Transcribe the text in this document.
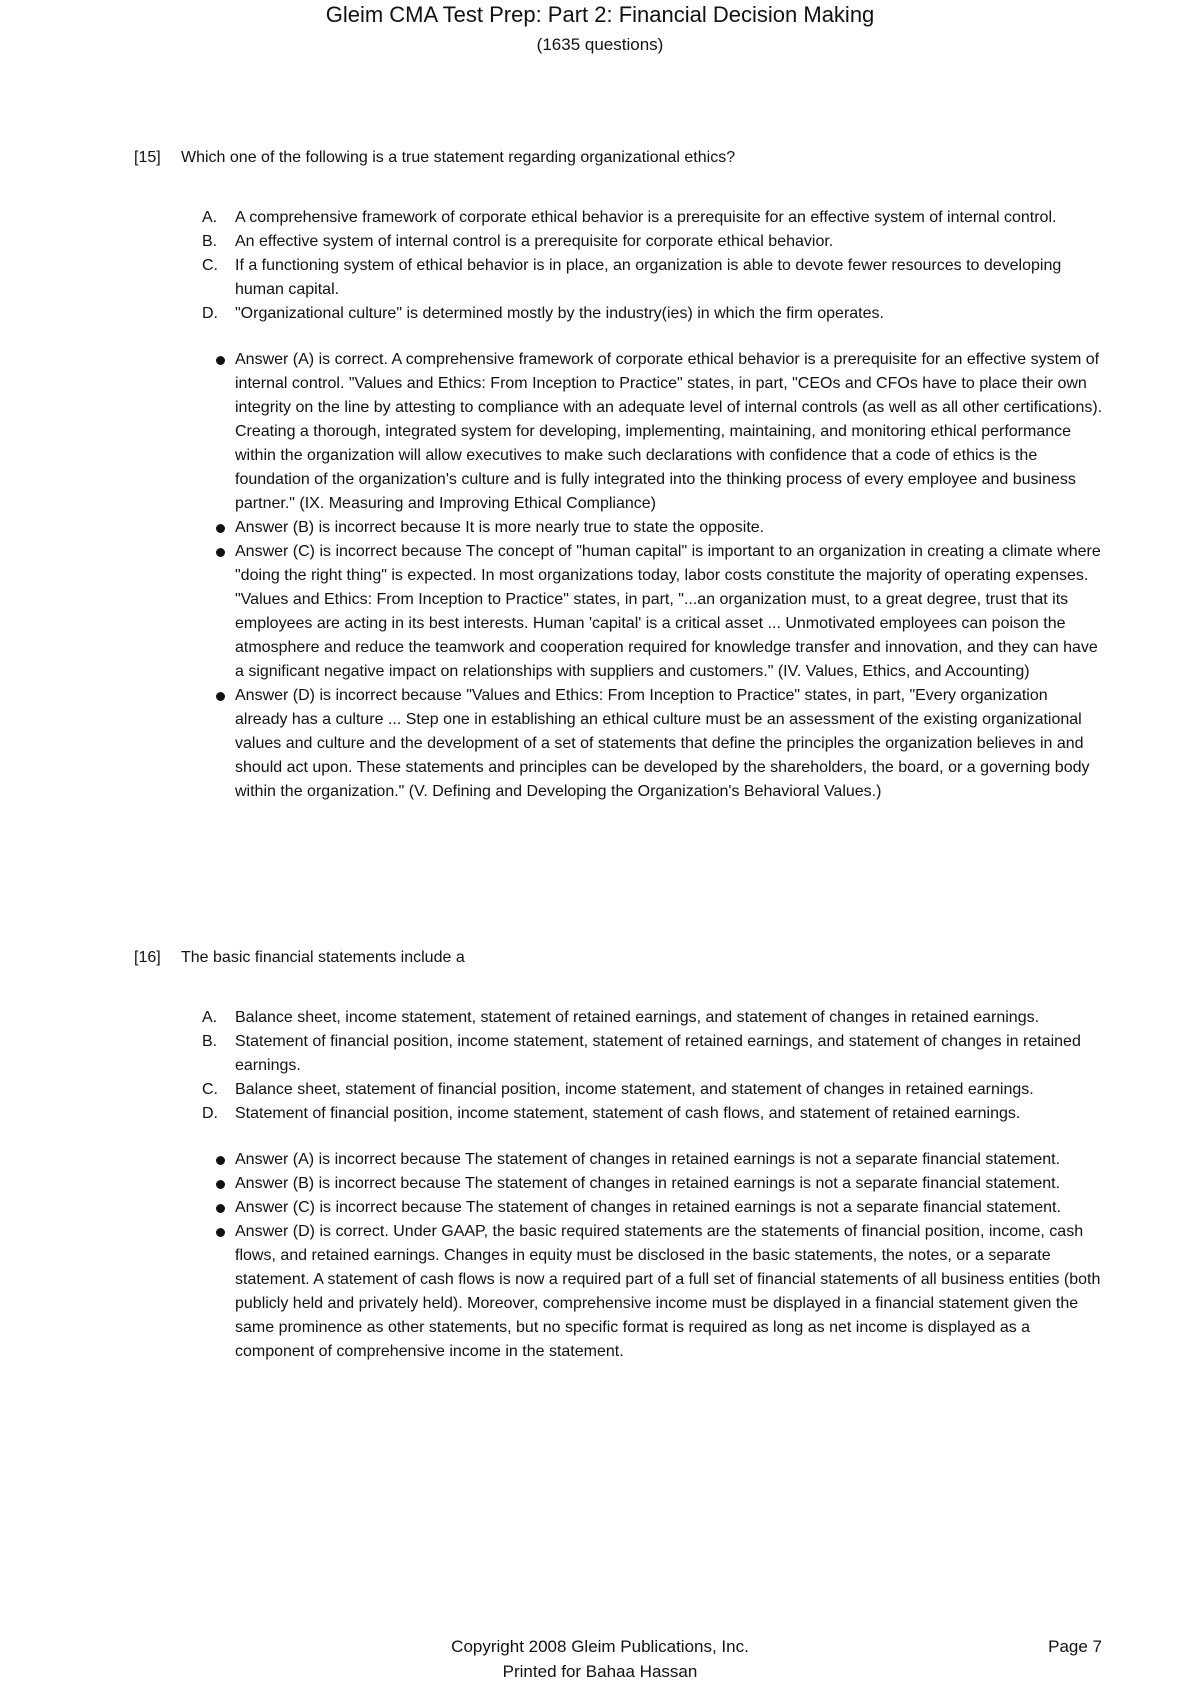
Gleim CMA Test Prep: Part 2: Financial Decision Making
(1635 questions)
[15]	Which one of the following is a true statement regarding organizational ethics?
A.	A comprehensive framework of corporate ethical behavior is a prerequisite for an effective system of internal control.
B.	An effective system of internal control is a prerequisite for corporate ethical behavior.
C.	If a functioning system of ethical behavior is in place, an organization is able to devote fewer resources to developing human capital.
D.	"Organizational culture" is determined mostly by the industry(ies) in which the firm operates.
Answer (A) is correct. A comprehensive framework of corporate ethical behavior is a prerequisite for an effective system of internal control. "Values and Ethics: From Inception to Practice" states, in part, "CEOs and CFOs have to place their own integrity on the line by attesting to compliance with an adequate level of internal controls (as well as all other certifications). Creating a thorough, integrated system for developing, implementing, maintaining, and monitoring ethical performance within the organization will allow executives to make such declarations with confidence that a code of ethics is the foundation of the organization's culture and is fully integrated into the thinking process of every employee and business partner." (IX. Measuring and Improving Ethical Compliance)
Answer (B) is incorrect because It is more nearly true to state the opposite.
Answer (C) is incorrect because The concept of "human capital" is important to an organization in creating a climate where "doing the right thing" is expected. In most organizations today, labor costs constitute the majority of operating expenses. "Values and Ethics: From Inception to Practice" states, in part, "...an organization must, to a great degree, trust that its employees are acting in its best interests. Human 'capital' is a critical asset ... Unmotivated employees can poison the atmosphere and reduce the teamwork and cooperation required for knowledge transfer and innovation, and they can have a significant negative impact on relationships with suppliers and customers." (IV. Values, Ethics, and Accounting)
Answer (D) is incorrect because "Values and Ethics: From Inception to Practice" states, in part, "Every organization already has a culture ... Step one in establishing an ethical culture must be an assessment of the existing organizational values and culture and the development of a set of statements that define the principles the organization believes in and should act upon. These statements and principles can be developed by the shareholders, the board, or a governing body within the organization." (V. Defining and Developing the Organization's Behavioral Values.)
[16]	The basic financial statements include a
A.	Balance sheet, income statement, statement of retained earnings, and statement of changes in retained earnings.
B.	Statement of financial position, income statement, statement of retained earnings, and statement of changes in retained earnings.
C.	Balance sheet, statement of financial position, income statement, and statement of changes in retained earnings.
D.	Statement of financial position, income statement, statement of cash flows, and statement of retained earnings.
Answer (A) is incorrect because The statement of changes in retained earnings is not a separate financial statement.
Answer (B) is incorrect because The statement of changes in retained earnings is not a separate financial statement.
Answer (C) is incorrect because The statement of changes in retained earnings is not a separate financial statement.
Answer (D) is correct. Under GAAP, the basic required statements are the statements of financial position, income, cash flows, and retained earnings. Changes in equity must be disclosed in the basic statements, the notes, or a separate statement. A statement of cash flows is now a required part of a full set of financial statements of all business entities (both publicly held and privately held). Moreover, comprehensive income must be displayed in a financial statement given the same prominence as other statements, but no specific format is required as long as net income is displayed as a component of comprehensive income in the statement.
Copyright 2008 Gleim Publications, Inc.
Printed for Bahaa Hassan
Page 7
